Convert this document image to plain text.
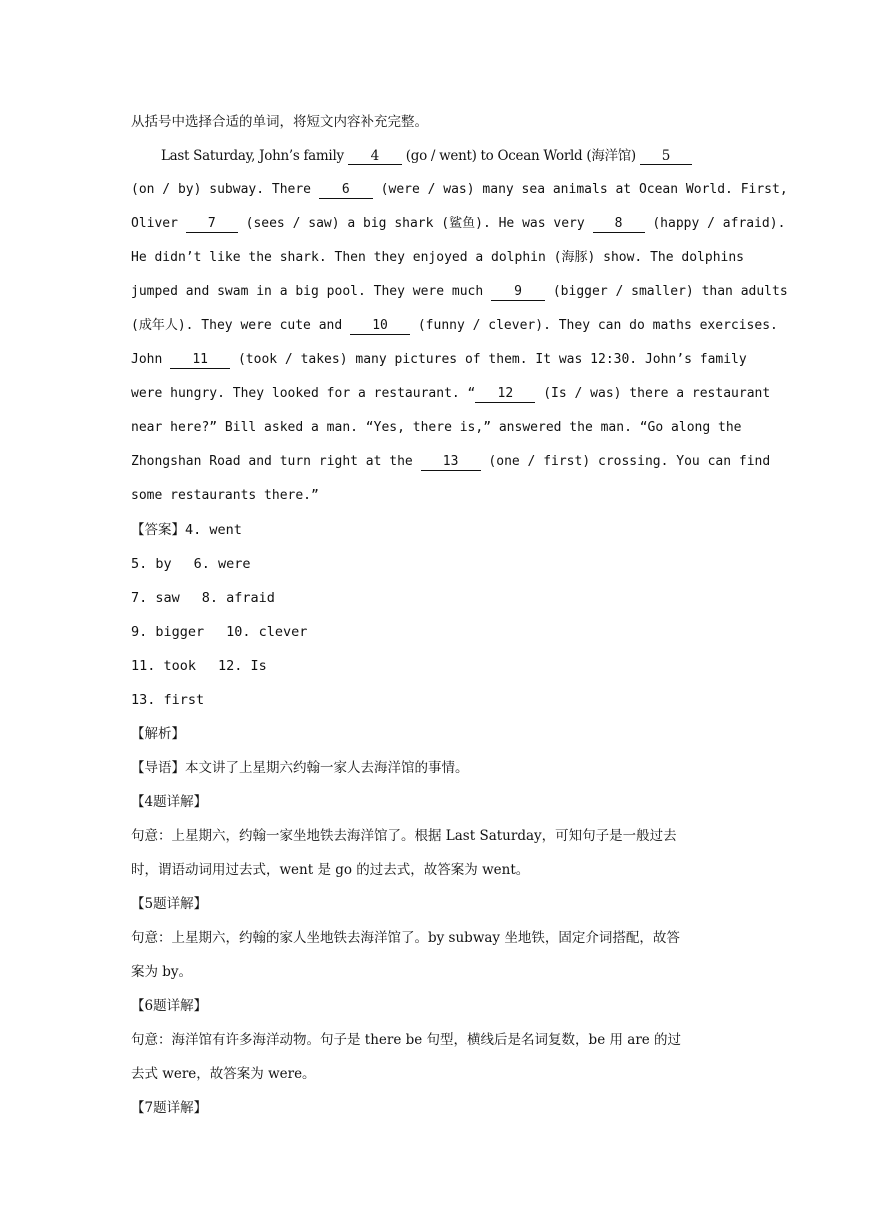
从括号中选择合适的单词，将短文内容补充完整。
Last Saturday, John’s family 4 (go / went) to Ocean World (海洋馆) 5
(on / by) subway. There 6 (were / was) many sea animals at Ocean World. First,
Oliver 7 (sees / saw) a big shark (鲨鱼). He was very 8 (happy / afraid).
He didn’t like the shark. Then they enjoyed a dolphin (海豚) show. The dolphins
jumped and swam in a big pool. They were much 9 (bigger / smaller) than adults
(成年人). They were cute and 10 (funny / clever). They can do maths exercises.
John 11 (took / takes) many pictures of them. It was 12:30. John’s family
were hungry. They looked for a restaurant. “ 12 (Is / was) there a restaurant
near here?” Bill asked a man. “Yes, there is,” answered the man. “Go along the
Zhongshan Road and turn right at the 13 (one / first) crossing. You can find
some restaurants there.”
【答案】4. went
5. by 6. were
7. saw 8. afraid
9. bigger 10. clever
11. took 12. Is
13. first
【解析】
【导语】本文讲了上星期六约翰一家人去海洋馆的事情。
【4题详解】
句意：上星期六，约翰一家坐地铁去海洋馆了。根据 Last Saturday，可知句子是一般过去
时，谓语动词用过去式，went 是 go 的过去式，故答案为 went。
【5题详解】
句意：上星期六，约翰的家人坐地铁去海洋馆了。by subway 坐地铁，固定介词搭配，故答
案为 by。
【6题详解】
句意：海洋馆有许多海洋动物。句子是 there be 句型，横线后是名词复数，be 用 are 的过
去式 were，故答案为 were。
【7题详解】
